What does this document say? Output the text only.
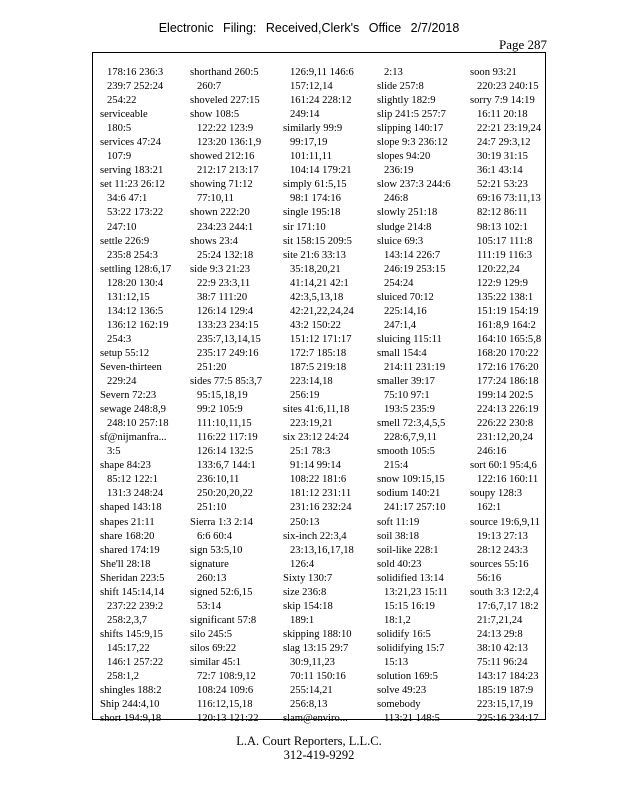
Electronic Filing: Received,Clerk's Office 2/7/2018
Page 287
178:16 236:3
239:7 252:24
254:22
serviceable
180:5
services 47:24
107:9
serving 183:21
set 11:23 26:12
34:6 47:1
53:22 173:22
247:10
settle 226:9
235:8 254:3
settling 128:6,17
128:20 130:4
131:12,15
134:12 136:5
136:12 162:19
254:3
setup 55:12
Seven-thirteen
229:24
Severn 72:23
sewage 248:8,9
248:10 257:18
sf@nijmanfra...
3:5
shape 84:23
85:12 122:1
131:3 248:24
shaped 143:18
shapes 21:11
share 168:20
shared 174:19
She'll 28:18
Sheridan 223:5
shift 145:14,14
237:22 239:2
258:2,3,7
shifts 145:9,15
145:17,22
146:1 257:22
258:1,2
shingles 188:2
Ship 244:4,10
short 194:9,18
shorthand 260:5
260:7
shoveled 227:15
show 108:5
122:22 123:9
123:20 136:1,9
showed 212:16
212:17 213:17
showing 71:12
77:10,11
shown 222:20
234:23 244:1
shows 23:4
25:24 132:18
side 9:3 21:23
22:9 23:3,11
38:7 111:20
126:14 129:4
133:23 234:15
235:7,13,14,15
235:17 249:16
251:20
sides 77:5 85:3,7
95:15,18,19
99:2 105:9
111:10,11,15
116:22 117:19
126:14 132:5
133:6,7 144:1
236:10,11
250:20,20,22
251:10
Sierra 1:3 2:14
6:6 60:4
sign 53:5,10
signature
260:13
signed 52:6,15
53:14
significant 57:8
silo 245:5
silos 69:22
similar 45:1
72:7 108:9,12
108:24 109:6
116:12,15,18
120:13 121:22
126:9,11 146:6
157:12,14
161:24 228:12
249:14
similarly 99:9
99:17,19
101:11,11
104:14 179:21
simply 61:5,15
98:1 174:16
single 195:18
sir 171:10
sit 158:15 209:5
site 21:6 33:13
35:18,20,21
41:14,21 42:1
42:3,5,13,18
42:21,22,24,24
43:2 150:22
151:12 171:17
172:7 185:18
187:5 219:18
223:14,18
256:19
sites 41:6,11,18
223:19,21
six 23:12 24:24
25:1 78:3
91:14 99:14
108:22 181:6
181:12 231:11
231:16 232:24
250:13
six-inch 22:3,4
23:13,16,17,18
126:4
Sixty 130:7
size 236:8
skip 154:18
189:1
skipping 188:10
slag 13:15 29:7
30:9,11,23
70:11 150:16
255:14,21
256:8,13
slam@enviro...
2:13
slide 257:8
slightly 182:9
slip 241:5 257:7
slipping 140:17
slope 9:3 236:12
slopes 94:20
236:19
slow 237:3 244:6
246:8
slowly 251:18
sludge 214:8
sluice 69:3
143:14 226:7
246:19 253:15
254:24
sluiced 70:12
225:14,16
247:1,4
sluicing 115:11
small 154:4
214:11 231:19
smaller 39:17
75:10 97:1
193:5 235:9
smell 72:3,4,5,5
228:6,7,9,11
smooth 105:5
215:4
snow 109:15,15
sodium 140:21
241:17 257:10
soft 11:19
soil 38:18
soil-like 228:1
sold 40:23
solidified 13:14
13:21,23 15:11
15:15 16:19
18:1,2
solidify 16:5
solidifying 15:7
15:13
solution 169:5
solve 49:23
somebody
113:21 148:5
soon 93:21
220:23 240:15
sorry 7:9 14:19
16:11 20:18
22:21 23:19,24
24:7 29:3,12
30:19 31:15
36:1 43:14
52:21 53:23
69:16 73:11,13
82:12 86:11
98:13 102:1
105:17 111:8
111:19 116:3
120:22,24
122:9 129:9
135:22 138:1
151:19 154:19
161:8,9 164:2
164:10 165:5,8
168:20 170:22
172:16 176:20
177:24 186:18
199:14 202:5
224:13 226:19
226:22 230:8
231:12,20,24
246:16
sort 60:1 95:4,6
122:16 160:11
soupy 128:3
162:1
source 19:6,9,11
19:13 27:13
28:12 243:3
sources 55:16
56:16
south 3:3 12:2,4
17:6,7,17 18:2
21:7,21,24
24:13 29:8
38:10 42:13
75:11 96:24
143:17 184:23
185:19 187:9
223:15,17,19
225:16 234:17
L.A. Court Reporters, L.L.C.
312-419-9292
